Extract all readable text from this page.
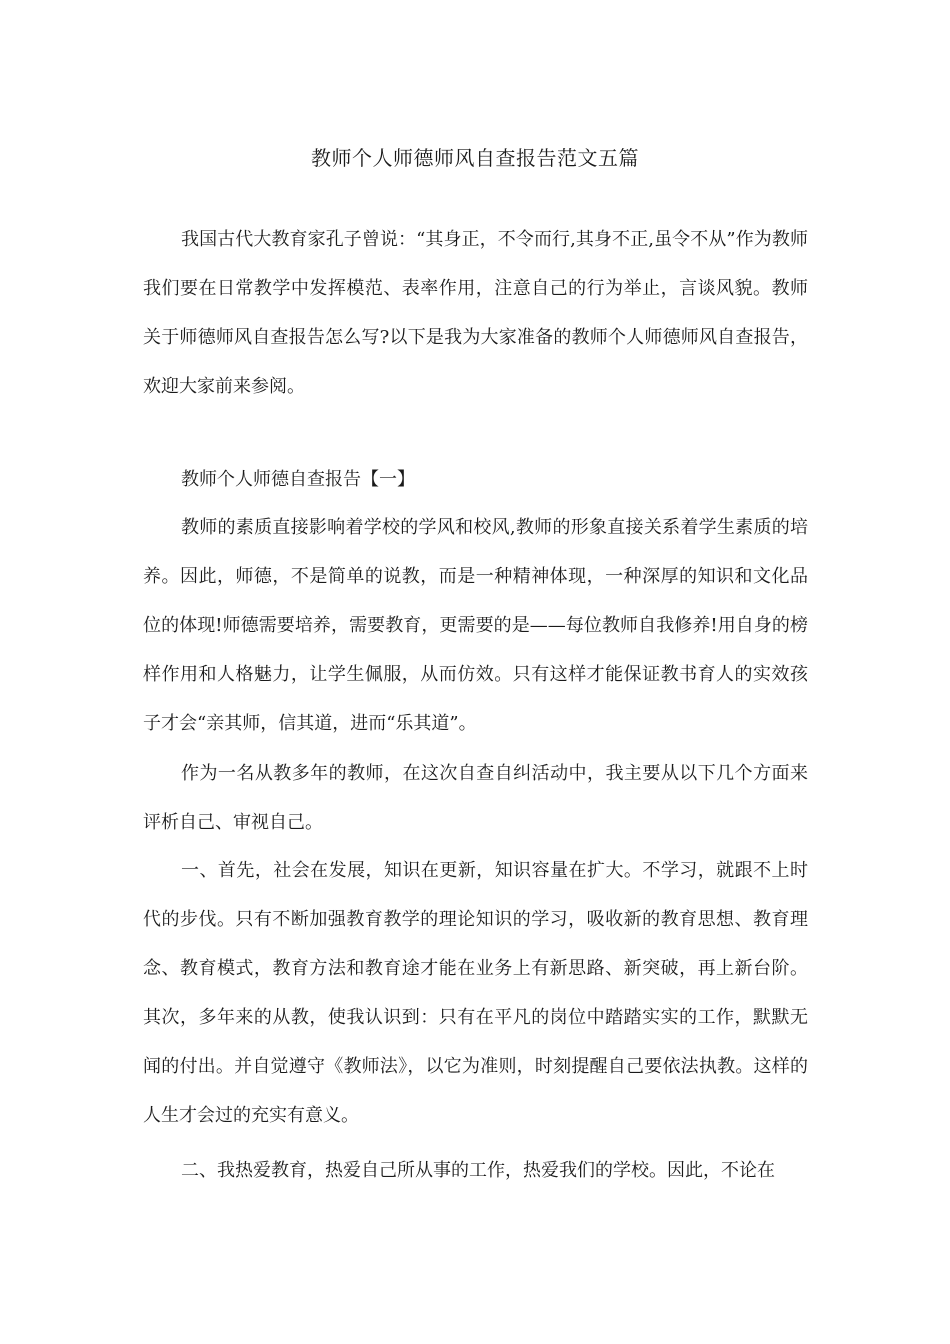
教师个人师德师风自查报告范文五篇

我国古代大教育家孔子曾说：“其身正，不令而行,其身不正,虽令不从”作为教师我们要在日常教学中发挥模范、表率作用，注意自己的行为举止，言谈风貌。教师关于师德师风自查报告怎么写?以下是我为大家准备的教师个人师德师风自查报告，欢迎大家前来参阅。

教师个人师德自查报告【一】

教师的素质直接影响着学校的学风和校风,教师的形象直接关系着学生素质的培养。因此，师德，不是简单的说教，而是一种精神体现，一种深厚的知识和文化品位的体现!师德需要培养，需要教育，更需要的是——每位教师自我修养!用自身的榜样作用和人格魅力，让学生佩服，从而仿效。只有这样才能保证教书育人的实效孩子才会“亲其师，信其道，进而“乐其道”。

作为一名从教多年的教师，在这次自查自纠活动中，我主要从以下几个方面来评析自己、审视自己。

一、首先，社会在发展，知识在更新，知识容量在扩大。不学习，就跟不上时代的步伐。只有不断加强教育教学的理论知识的学习，吸收新的教育思想、教育理念、教育模式，教育方法和教育途才能在业务上有新思路、新突破，再上新台阶。其次，多年来的从教，使我认识到：只有在平凡的岗位中踏踏实实的工作，默默无闻的付出。并自觉遵守《教师法》，以它为准则，时刻提醒自己要依法执教。这样的人生才会过的充实有意义。

二、我热爱教育，热爱自己所从事的工作，热爱我们的学校。因此，不论在
